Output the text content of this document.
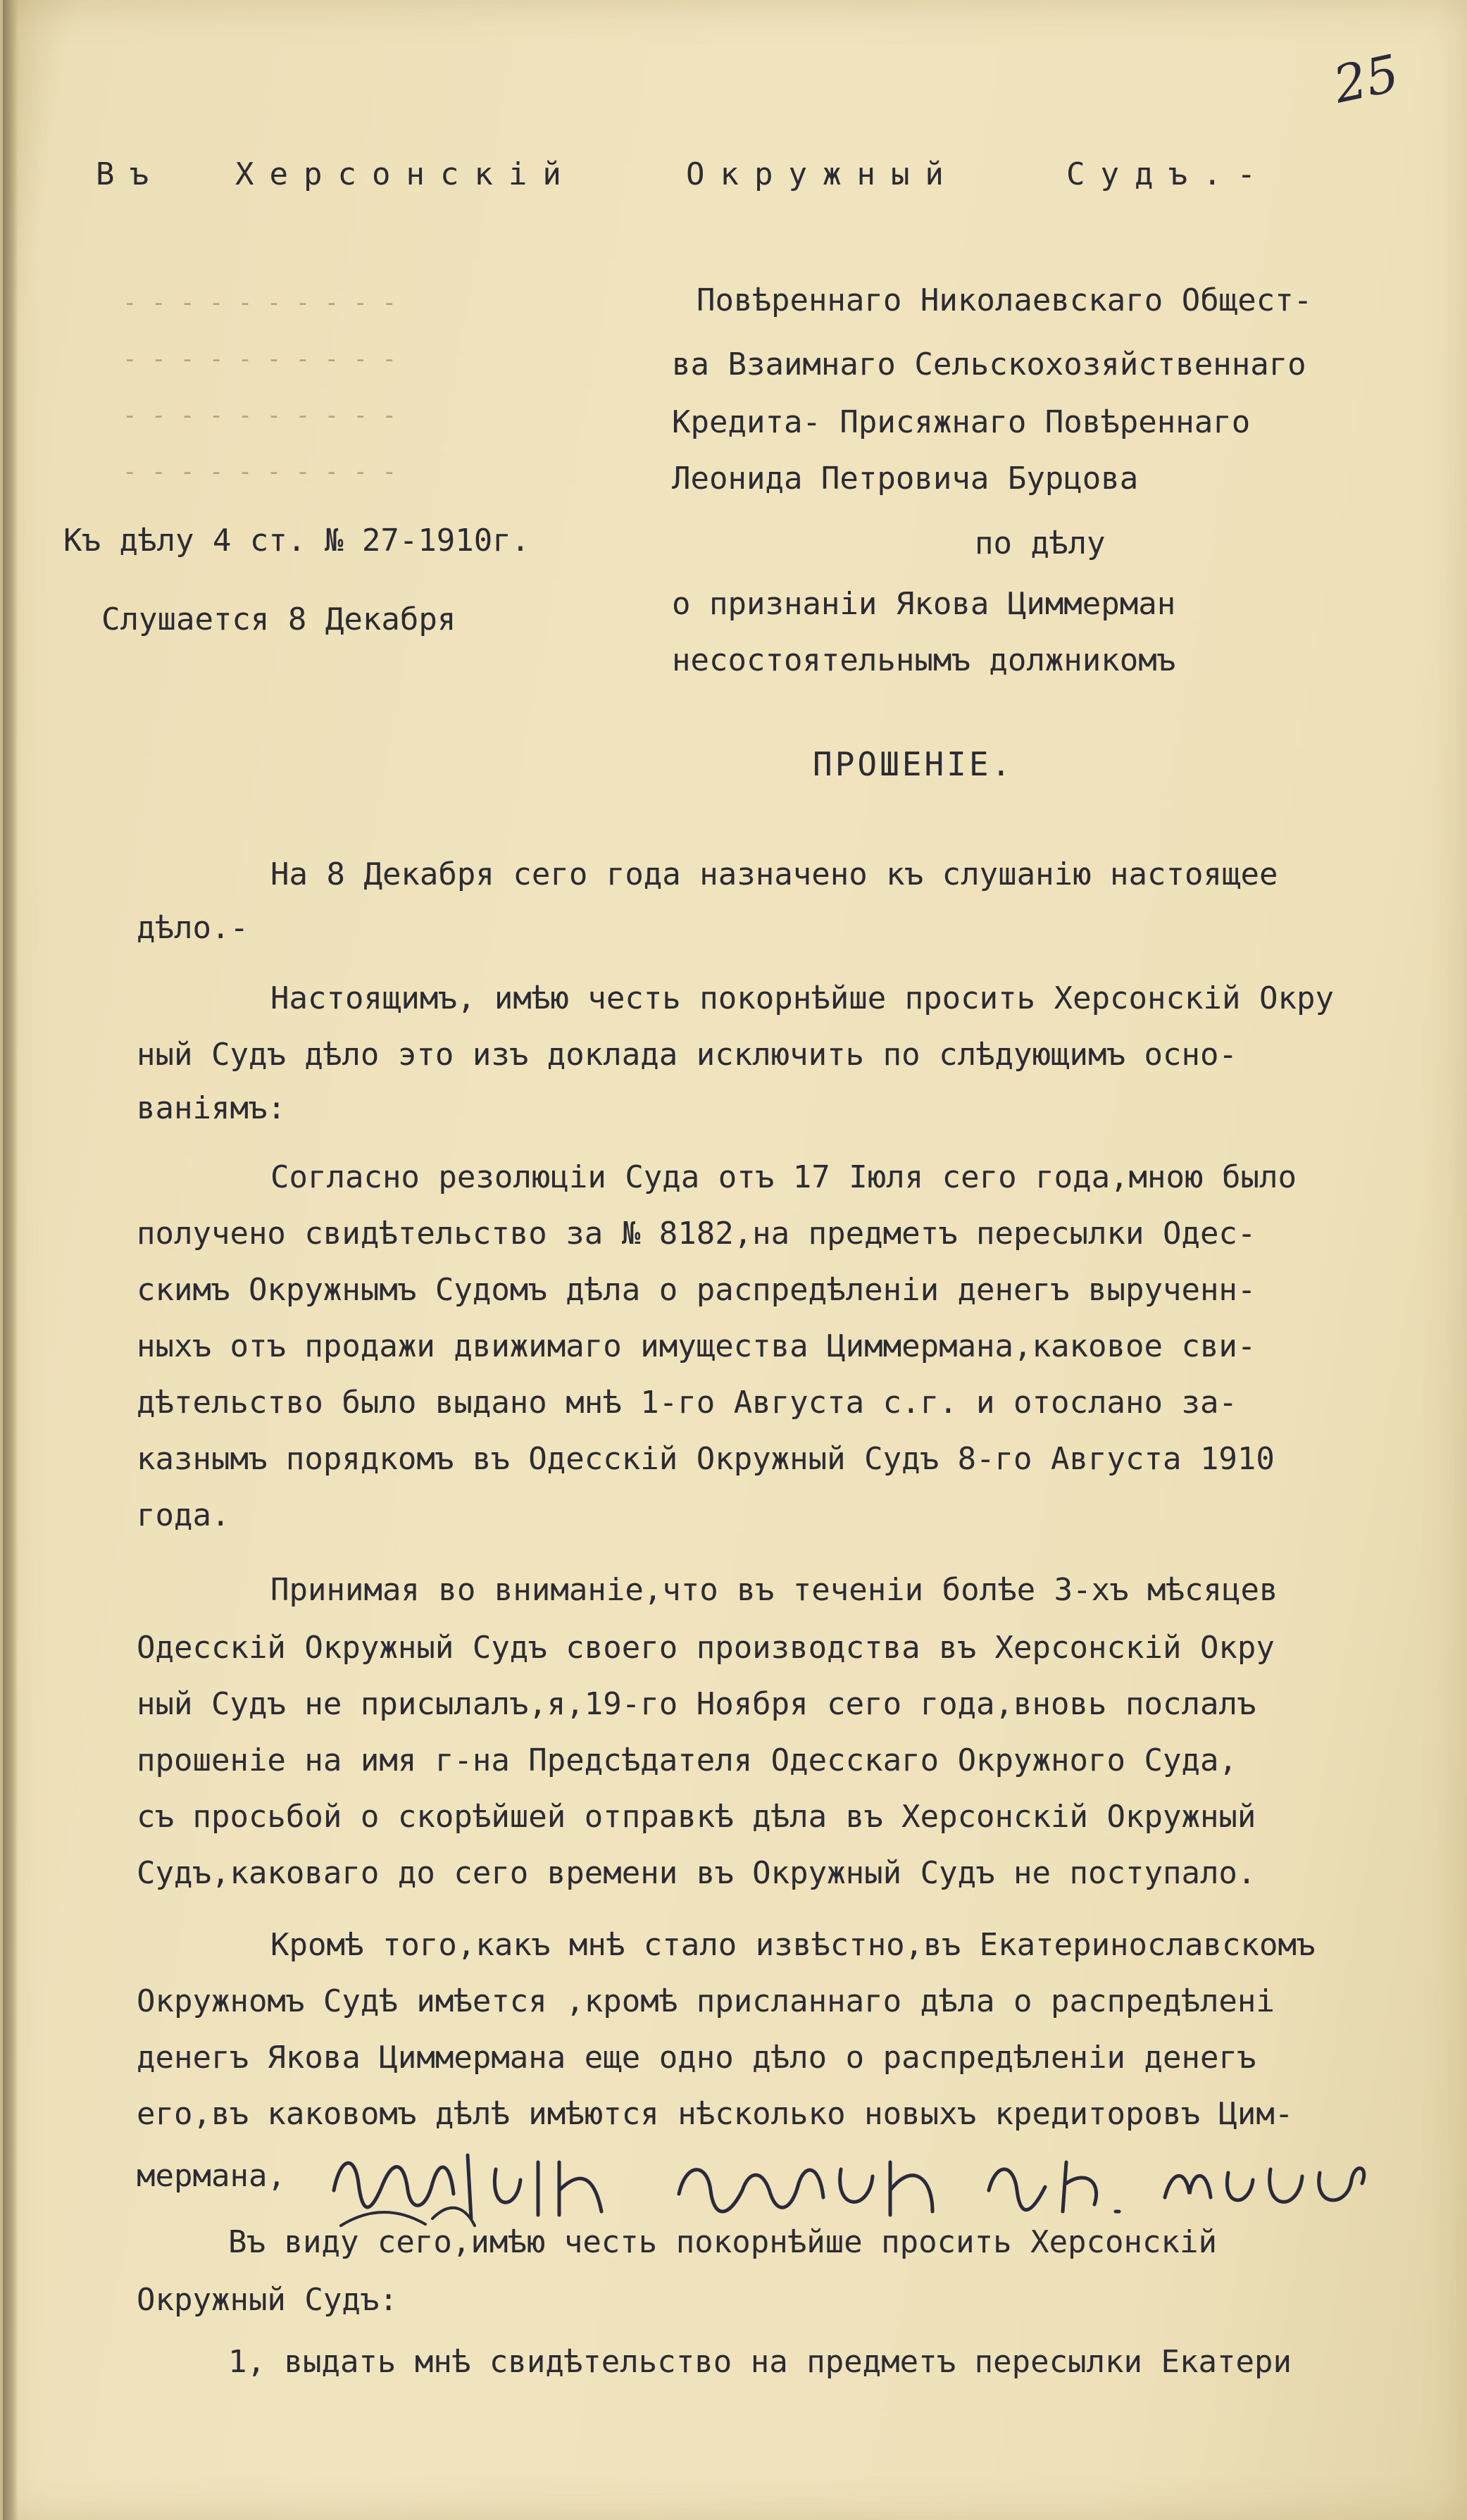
25
Въ Херсонскій	Окружный	Судъ.-
- - - - - - - - - -
- - - - - - - - - -
- - - - - - - - - -
- - - - - - - - - -
Повѣреннаго Николаевскаго Общест-
ва Взаимнаго Сельскохозяйственнаго
Кредита- Присяжнаго Повѣреннаго
Леонида Петровича Бурцова
по дѣлу
о признаніи Якова Циммерман
несостоятельнымъ должникомъ
Къ дѣлу 4 ст. № 27-1910г.
Слушается 8 Декабря
ПРОШЕНІЕ.
На 8 Декабря сего года назначено къ слушанію настоящее
дѣло.-
Настоящимъ, имѣю честь покорнѣйше просить Херсонскій Окру
ный Судъ дѣло это изъ доклада исключить по слѣдующимъ осно-
ваніямъ:
Согласно резолюціи Суда отъ 17 Іюля сего года,мною было
получено свидѣтельство за № 8182,на предметъ пересылки Одес-
скимъ Окружнымъ Судомъ дѣла о распредѣленіи денегъ вырученн-
ныхъ отъ продажи движимаго имущества Циммермана,каковое сви-
дѣтельство было выдано мнѣ 1-го Августа с.г. и отослано за-
казнымъ порядкомъ въ Одесскій Окружный Судъ 8-го Августа 1910
года.
Принимая во вниманіе,что въ теченіи болѣе 3-хъ мѣсяцев
Одесскій Окружный Судъ своего производства въ Херсонскій Окру
ный Судъ не присылалъ,я,19-го Ноября сего года,вновь послалъ
прошеніе на имя г-на Предсѣдателя Одесскаго Окружного Суда,
съ просьбой о скорѣйшей отправкѣ дѣла въ Херсонскій Окружный
Судъ,каковаго до сего времени въ Окружный Судъ не поступало.
Кромѣ того,какъ мнѣ стало извѣстно,въ Екатеринославскомъ
Окружномъ Судѣ имѣется ,кромѣ присланнаго дѣла о распредѣлені
денегъ Якова Циммермана еще одно дѣло о распредѣленіи денегъ
его,въ каковомъ дѣлѣ имѣются нѣсколько новыхъ кредиторовъ Цим-
мермана,
Въ виду сего,имѣю честь покорнѣйше просить Херсонскій
Окружный Судъ:
1, выдать мнѣ свидѣтельство на предметъ пересылки Екатери
